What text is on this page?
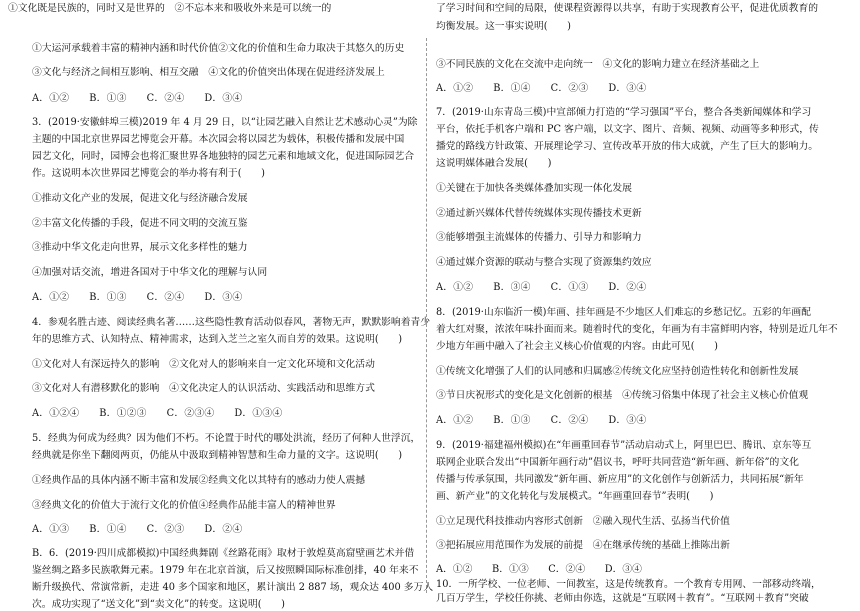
①大运河承载着丰富的精神内涵和时代价值②文化的价值和生命力取决于其悠久的历史
③文化与经济之间相互影响、相互交融　④文化的价值突出体现在促进经济发展上
A．①②　　B．①③　　C．②④　　D．③④
3．(2019·安徽蚌埠三模)2019 年 4 月 29 日，以“让园艺融入自然让艺术感动心灵”为除
主题的中国北京世界园艺博览会开幕。本次园会将以园艺为载体，积极传播和发展中国
园艺文化，同时，园博会也将汇聚世界各地独特的园艺元素和地域文化，促进国际园艺合
作。这说明本次世界园艺博览会的举办将有利于(　　)
①推动文化产业的发展，促进文化与经济融合发展
②丰富文化传播的手段，促进不同文明的交流互鉴
③推动中华文化走向世界，展示文化多样性的魅力
④加强对话交流，增进各国对于中华文化的理解与认同
A．①②　　B．①③　　C．②④　　D．③④
4．参观名胜古迹、阅读经典名著……这些隐性教育活动似春风，著物无声，默默影响着青少
年的思维方式、认知特点、精神需求，达到入芝兰之室久而自芳的效果。这说明(　　)
①文化对人有深远持久的影响　②文化对人的影响来自一定文化环境和文化活动
③文化对人有潜移默化的影响　④文化决定人的认识活动、实践活动和思维方式
A．①②④　　B．①②③　　C．②③④　　D．①③④
5．经典为何成为经典？因为他们不朽。不论置于时代的哪处洪流，经历了何种人世浮沉，
经典就是你坐下翻阅两页，仍能从中汲取到精神智慧和生命力量的文字。这说明(　　)
①经典作品的具体内涵不断丰富和发展②经典文化以其特有的感动力使人震撼
③经典文化的价值大于流行文化的价值④经典作品能丰富人的精神世界
A．①③　　B．①④　　C．②③　　D．②④
B．6．(2019·四川成都模拟)中国经典舞剧《丝路花雨》取材于敦煌莫高窟壁画艺术并借
鉴丝绸之路多民族歌舞元素。1979 年在北京首演，后又按照瞬国际标准创排，40 年来不
断升级换代、常演常新，走进 40 多个国家和地区，累计演出 2 887 场，观众达 400 多万人
次。成功实现了“送文化”到“卖文化”的转变。这说明(　　)
③不同民族的文化在交流中走向统一　④文化的影响力建立在经济基础之上
A．①②　　B．①④　　C．②③　　D．③④
7．(2019·山东青岛三模)中宣部倾力打造的“学习强国”平台，整合各类新闻媒体和学习
平台，依托手机客户端和 PC 客户端，以文字、图片、音频、视频、动画等多种形式，传
播党的路线方针政策、开展理论学习、宣传改革开放的伟大成就，产生了巨大的影响力。
这说明媒体融合发展(　　)
①关键在于加快各类媒体叠加实现一体化发展
②通过新兴媒体代替传统媒体实现传播技术更新
③能够增强主流媒体的传播力、引导力和影响力
④通过媒介资源的联动与整合实现了资源集约效应
A．①②　　B．③④　　C．①③　　D．②④
8．(2019·山东临沂一模)年画、挂年画是不少地区人们难忘的乡愁记忆。五彩的年画配
着大红对聚，浓浓年味扑面而来。随着时代的变化，年画为有丰富鲜明内容，特别是近几年不
少地方年画中融入了社会主义核心价值观的内容。由此可见(　　)
①传统文化增强了人们的认同感和归属感②传统文化应坚持创造性转化和创新性发展
③节日庆祝形式的变化是文化创新的根基　④传统习俗集中体现了社会主义核心价值观
A．①②　　B．①③　　C．②④　　D．③④
9．(2019·福建福州模拟)在“年画重回春节”活动启动式上，阿里巴巴、腾讯、京东等互
联网企业联合发出“中国新年画行动”倡议书，呼吁共同营造“新年画、新年俗”的文化
传播与传承氛围，共同激发“新年画、新应用”的文化创作与创新活力，共同拓展“新年
画、新产业”的文化转化与发展模式。“年画重回春节”表明(　　)
①立足现代科技推动内容形式创新　②融入现代生活、弘扬当代价值
③把拓展应用范围作为发展的前提　④在继承传统的基础上推陈出新
A．①②　　B．①③　　C．②④　　D．③④
10．一所学校、一位老师、一间教室，这是传统教育。一个教育专用网、一部移动终端，
几百万学生，学校任你挑、老师由你选，这就是“互联网＋教育”。“互联网＋教育”突破
①文化既是民族的，同时又是世界的　②不忘本来和吸收外来是可以统一的	了学习时间和空间的局限，使课程资源得以共享，有助于实现教育公平，促进优质教育的
均衡发展。这一事实说明(　　)
